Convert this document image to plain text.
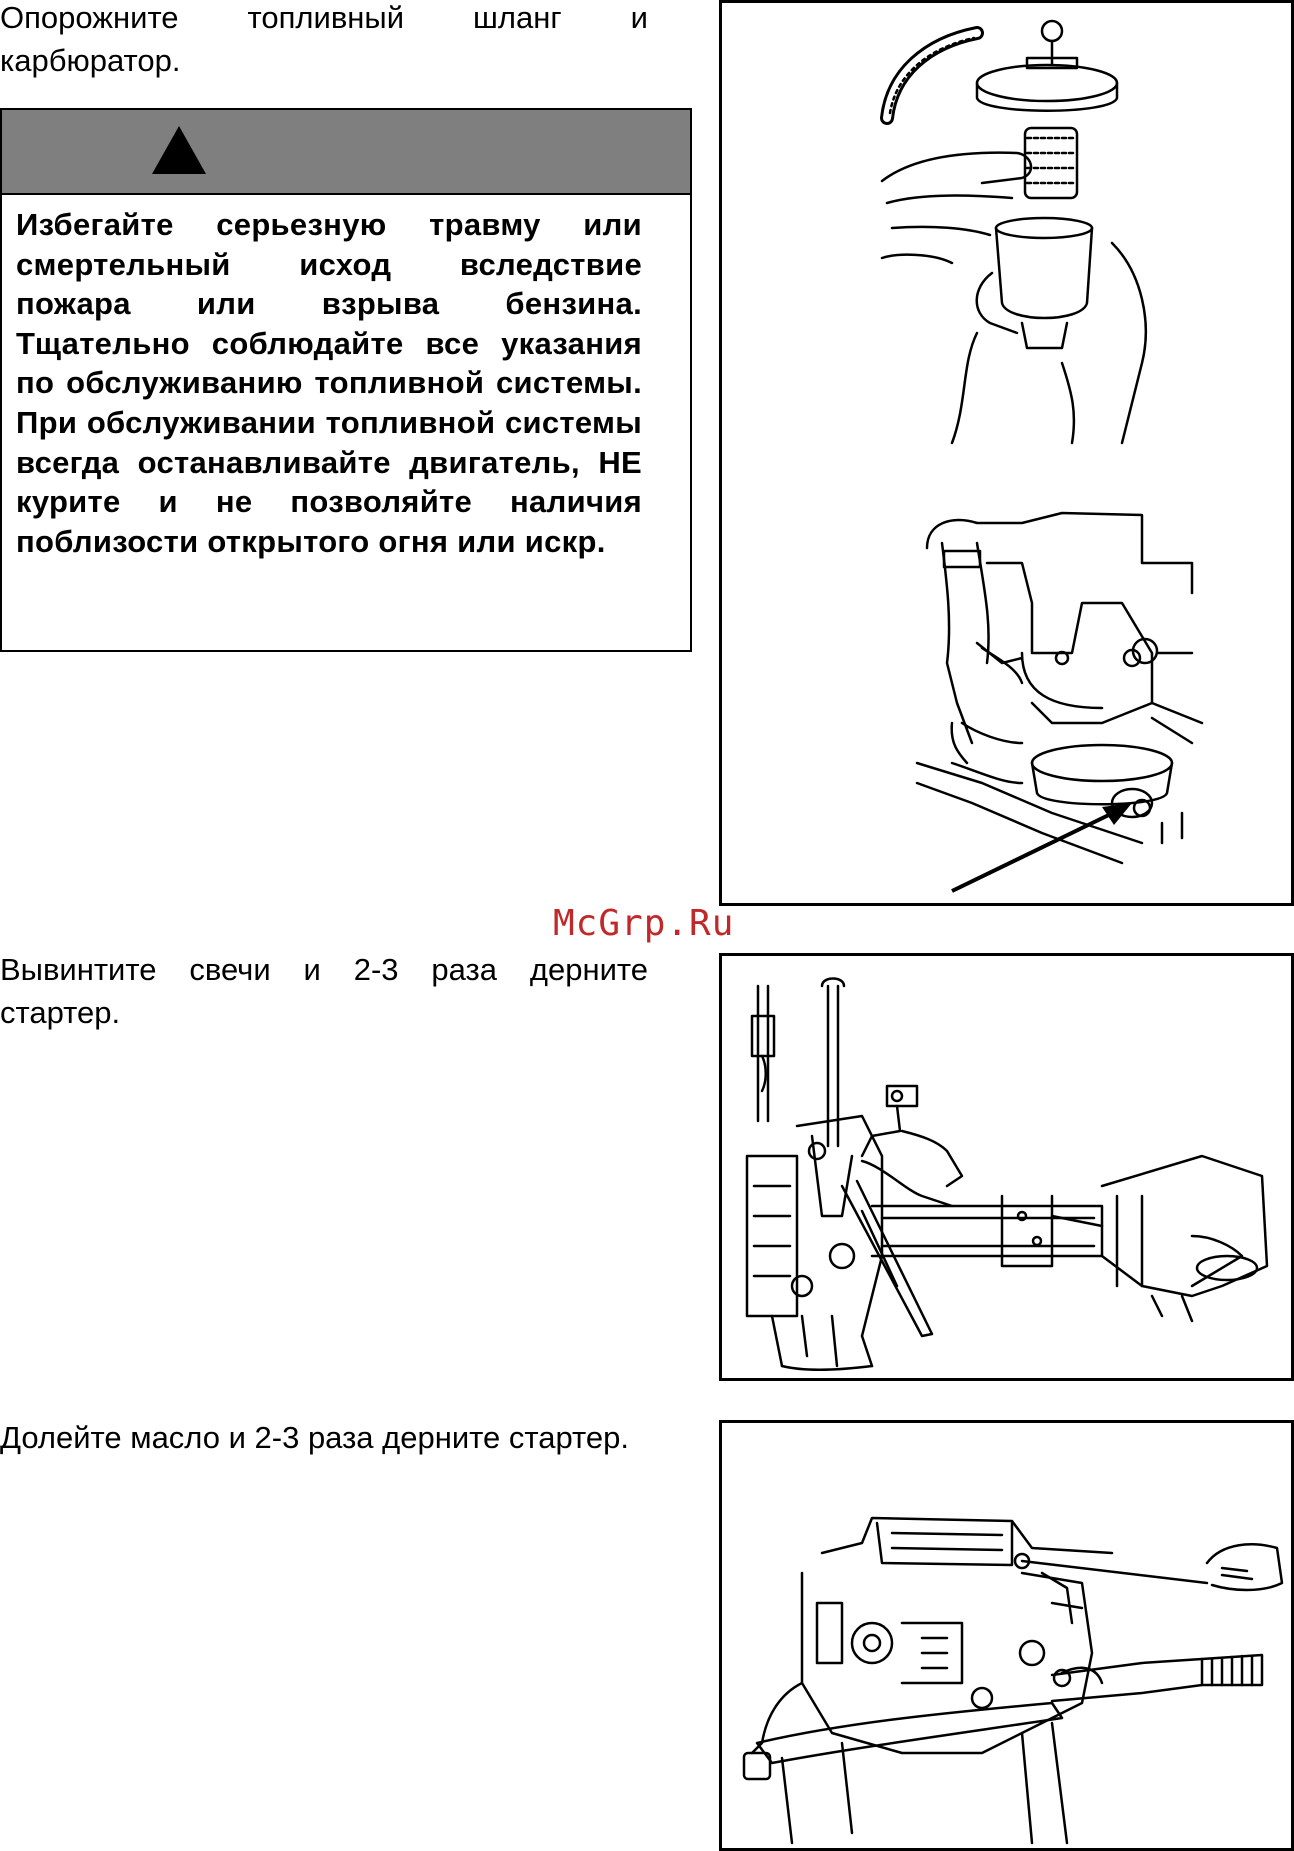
Опорожните топливный шланг и карбюратор.

Избегайте серьезную травму или смертельный исход вследствие пожара или взрыва бензина. Тщательно соблюдайте все указания по обслуживанию топливной системы. При обслуживании топливной системы всегда останавливайте двигатель, НЕ курите и не позволяйте наличия поблизости открытого огня или искр.
McGrp.Ru

Вывинтите свечи и 2-3 раза дерните стартер.

Долейте масло и 2-3 раза дерните стартер.
